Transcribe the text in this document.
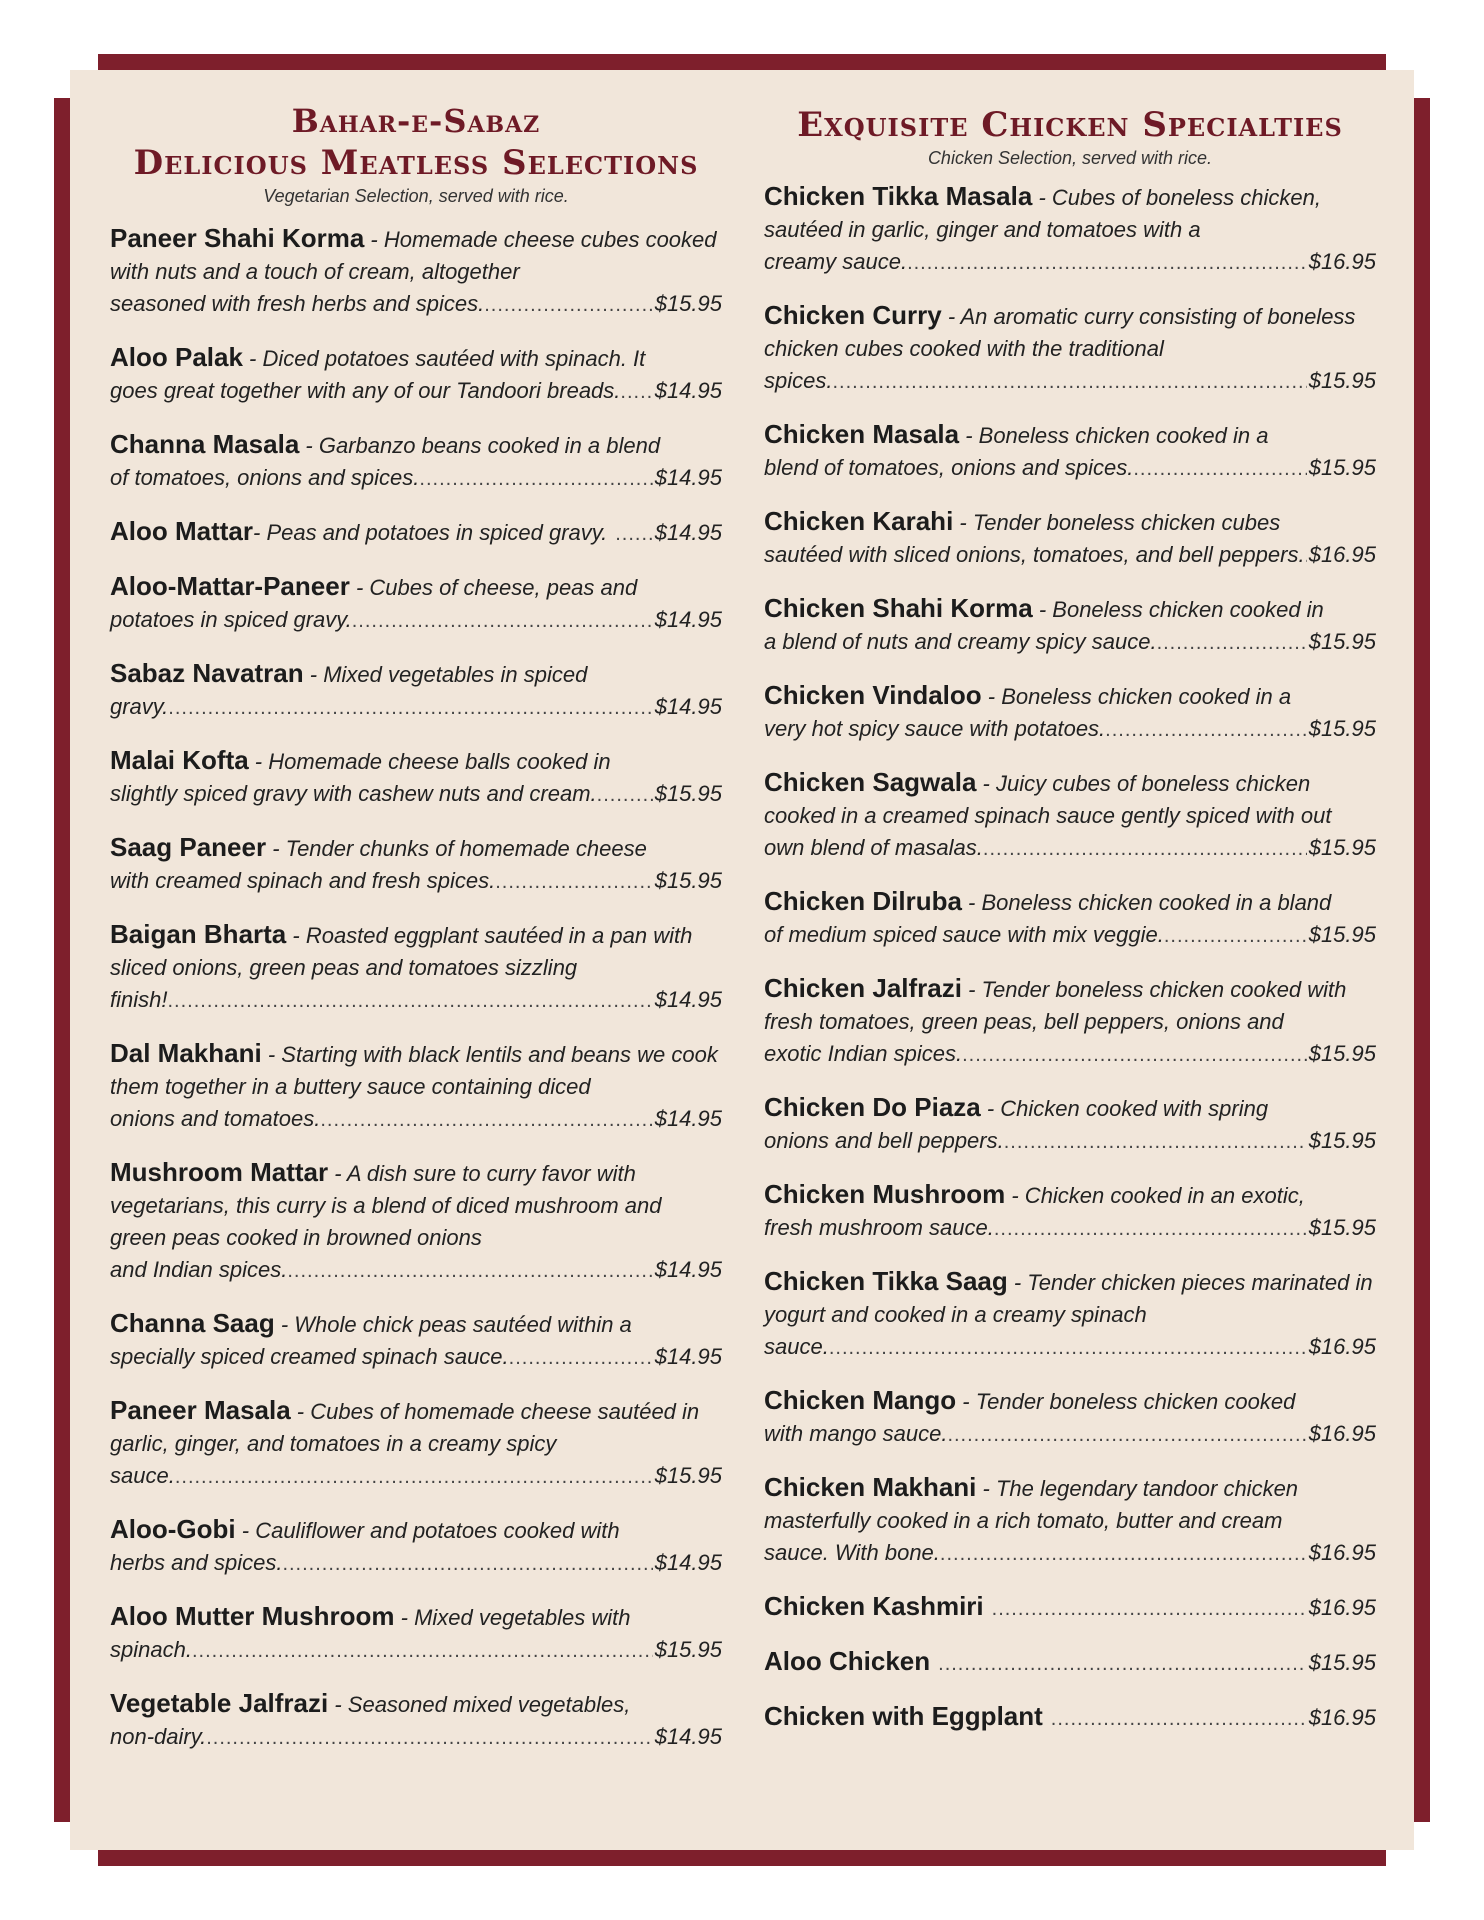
Bahar-e-Sabaz
Delicious Meatless Selections

Vegetarian Selection, served with rice.

Paneer Shahi Korma - Homemade cheese cubes cooked with nuts and a touch of cream, altogether
seasoned with fresh herbs and spices. .....	$15.95
Aloo Palak - Diced potatoes sautéed with spinach. It
goes great together with any of our Tandoori breads. ..... $14.95
Channa Masala - Garbanzo beans cooked in a blend
of tomatoes, onions and spices. .....	$14.95
Aloo Mattar - Peas and potatoes in spiced gravy. ..... $14.95
Aloo-Mattar-Paneer - Cubes of cheese, peas and
potatoes in spiced gravy. .....	$14.95
Sabaz Navatran - Mixed vegetables in spiced
gravy. .....	$14.95
Malai Kofta - Homemade cheese balls cooked in
slightly spiced gravy with cashew nuts and cream. .....	$15.95
Saag Paneer - Tender chunks of homemade cheese
with creamed spinach and fresh spices. .....	$15.95
Baigan Bharta - Roasted eggplant sautéed in a pan with sliced onions, green peas and tomatoes sizzling
finish! .....	$14.95
Dal Makhani - Starting with black lentils and beans we cook them together in a buttery sauce containing diced
onions and tomatoes. .....	$14.95
Mushroom Mattar - A dish sure to curry favor with vegetarians, this curry is a blend of diced mushroom and green peas cooked in browned onions
and Indian spices. .....	$14.95
Channa Saag - Whole chick peas sautéed within a
specially spiced creamed spinach sauce. .....	$14.95
Paneer Masala - Cubes of homemade cheese sautéed in garlic, ginger, and tomatoes in a creamy spicy
sauce. .....	$15.95
Aloo-Gobi - Cauliflower and potatoes cooked with
herbs and spices. .....	$14.95
Aloo Mutter Mushroom - Mixed vegetables with
spinach. .....	$15.95
Vegetable Jalfrazi - Seasoned mixed vegetables,
non-dairy. .....	$14.95
Exquisite Chicken Specialties

Chicken Selection, served with rice.

Chicken Tikka Masala - Cubes of boneless chicken, sautéed in garlic, ginger and tomatoes with a
creamy sauce. .....	$16.95
Chicken Curry - An aromatic curry consisting of boneless chicken cubes cooked with the traditional
spices. .....	$15.95
Chicken Masala - Boneless chicken cooked in a
blend of tomatoes, onions and spices. .....	$15.95
Chicken Karahi - Tender boneless chicken cubes
sautéed with sliced onions, tomatoes, and bell peppers. ..... $16.95
Chicken Shahi Korma - Boneless chicken cooked in
a blend of nuts and creamy spicy sauce. .....	$15.95
Chicken Vindaloo - Boneless chicken cooked in a
very hot spicy sauce with potatoes. .....	$15.95
Chicken Sagwala - Juicy cubes of boneless chicken cooked in a creamed spinach sauce gently spiced with out
own blend of masalas. .....	$15.95
Chicken Dilruba - Boneless chicken cooked in a bland
of medium spiced sauce with mix veggie. .....	$15.95
Chicken Jalfrazi - Tender boneless chicken cooked with fresh tomatoes, green peas, bell peppers, onions and
exotic Indian spices. .....	$15.95
Chicken Do Piaza - Chicken cooked with spring
onions and bell peppers. .....	$15.95
Chicken Mushroom - Chicken cooked in an exotic,
fresh mushroom sauce. .....	$15.95
Chicken Tikka Saag - Tender chicken pieces marinated in yogurt and cooked in a creamy spinach
sauce. .....	$16.95
Chicken Mango - Tender boneless chicken cooked
with mango sauce. .....	$16.95
Chicken Makhani - The legendary tandoor chicken masterfully cooked in a rich tomato, butter and cream
sauce. With bone. .....	$16.95
Chicken Kashmiri .....	$16.95
Aloo Chicken .....	$15.95
Chicken with Eggplant .....	$16.95
